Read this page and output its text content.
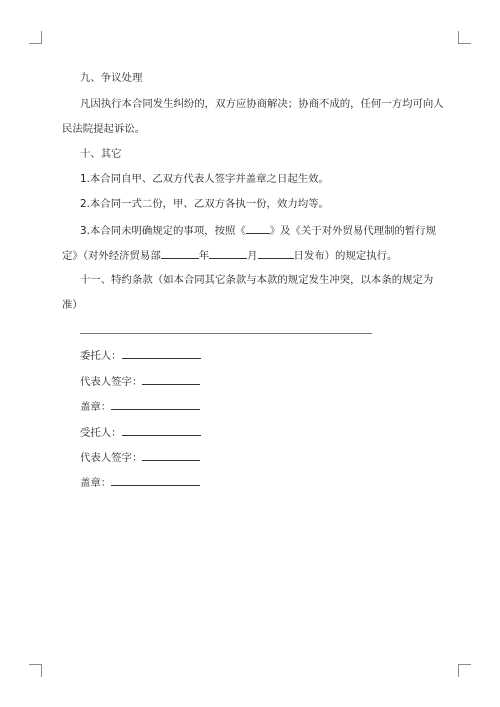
九、争议处理

凡因执行本合同发生纠纷的，双方应协商解决；协商不成的，任何一方均可向人

民法院提起诉讼。

十、其它

1.本合同自甲、乙双方代表人签字并盖章之日起生效。

2.本合同一式二份，甲、乙双方各执一份，效力均等。

3.本合同未明确规定的事项，按照《 》及《关于对外贸易代理制的暂行规

定》（对外经济贸易部	年	月	日发布）的规定执行。

十一、特约条款（如本合同其它条款与本款的规定发生冲突，以本条的规定为

准）

委托人：

代表人签字：

盖章：

受托人：

代表人签字：

盖章：
